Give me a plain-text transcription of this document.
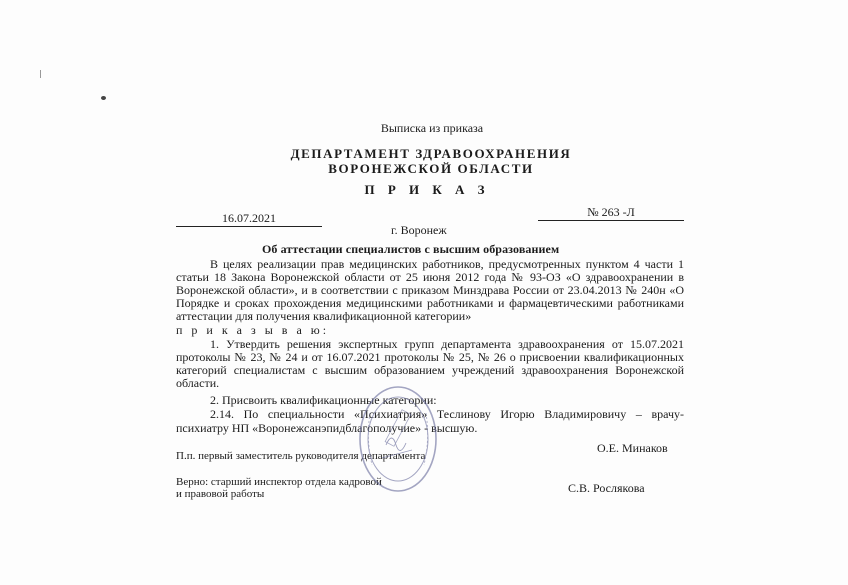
Выписка из приказа
ДЕПАРТАМЕНТ ЗДРАВООХРАНЕНИЯ
ВОРОНЕЖСКОЙ ОБЛАСТИ
П Р И К А З
16.07.2021	№ 263 -Л
г. Воронеж
Об аттестации специалистов с высшим образованием
В целях реализации прав медицинских работников, предусмотренных пунктом 4 части 1
статьи 18 Закона Воронежской области от 25 июня 2012 года № 93-ОЗ «О здравоохранении в
Воронежской области», и в соответствии с приказом Минздрава России от 23.04.2013 № 240н «О
Порядке и сроках прохождения медицинскими работниками и фармацевтическими работниками
аттестации для получения квалификационной категории»
п р и к а з ы в а ю:
1. Утвердить решения экспертных групп департамента здравоохранения от 15.07.2021
протоколы № 23, № 24 и от 16.07.2021 протоколы № 25, № 26 о присвоении квалификационных
категорий специалистам с высшим образованием учреждений здравоохранения Воронежской
области.
2. Присвоить квалификационные категории:
2.14. По специальности «Психиатрия» Теслинову Игорю Владимировичу – врачу-
психиатру НП «Воронежсанэпидблагополучие» - высшую.
П.п. первый заместитель руководителя департамента
О.Е. Минаков
Верно: старший инспектор отдела кадровой
и правовой работы	С.В. Рослякова
